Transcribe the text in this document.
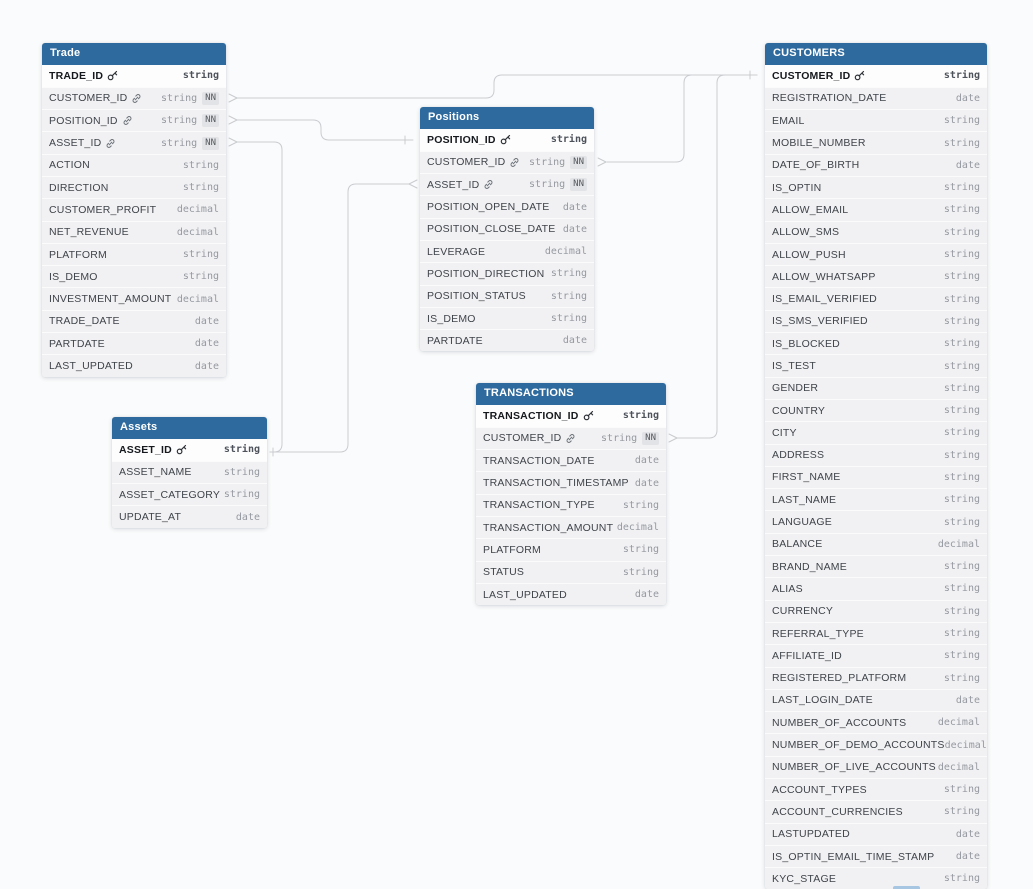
Trade
TRADE_ID	string
CUSTOMER_ID	string NN
POSITION_ID	string NN
ASSET_ID	string NN
ACTION	string
DIRECTION	string
CUSTOMER_PROFIT decimal
NET_REVENUE	decimal
PLATFORM	string
IS_DEMO	string
INVESTMENT_AMOUNT decimal
TRADE_DATE	date
PARTDATE	date
LAST_UPDATED	date
Positions
POSITION_ID	string
CUSTOMER_ID string NN
ASSET_ID	string NN
POSITION_OPEN_DATE date
POSITION_CLOSE_DATE date
LEVERAGE	decimal
POSITION_DIRECTION string
POSITION_STATUS	string
IS_DEMO	string
PARTDATE	date
Assets
ASSET_ID	string
ASSET_NAME	string
ASSET_CATEGORY string
UPDATE_AT	date
TRANSACTIONS
TRANSACTION_ID	string
CUSTOMER_ID	string NN
TRANSACTION_DATE	date
TRANSACTION_TIMESTAMP date
TRANSACTION_TYPE	string
TRANSACTION_AMOUNT decimal
PLATFORM	string
STATUS	string
LAST_UPDATED	date
CUSTOMERS
CUSTOMER_ID	string
REGISTRATION_DATE	date
EMAIL	string
MOBILE_NUMBER	string
DATE_OF_BIRTH	date
IS_OPTIN	string
ALLOW_EMAIL	string
ALLOW_SMS	string
ALLOW_PUSH	string
ALLOW_WHATSAPP	string
IS_EMAIL_VERIFIED	string
IS_SMS_VERIFIED	string
IS_BLOCKED	string
IS_TEST	string
GENDER	string
COUNTRY	string
CITY	string
ADDRESS	string
FIRST_NAME	string
LAST_NAME	string
LANGUAGE	string
BALANCE	decimal
BRAND_NAME	string
ALIAS	string
CURRENCY	string
REFERRAL_TYPE	string
AFFILIATE_ID	string
REGISTERED_PLATFORM	string
LAST_LOGIN_DATE	date
NUMBER_OF_ACCOUNTS	decimal
NUMBER_OF_DEMO_ACCOUNTS decimal
NUMBER_OF_LIVE_ACCOUNTS decimal
ACCOUNT_TYPES	string
ACCOUNT_CURRENCIES	string
LASTUPDATED	date
IS_OPTIN_EMAIL_TIME_STAMP date
KYC_STAGE	string
